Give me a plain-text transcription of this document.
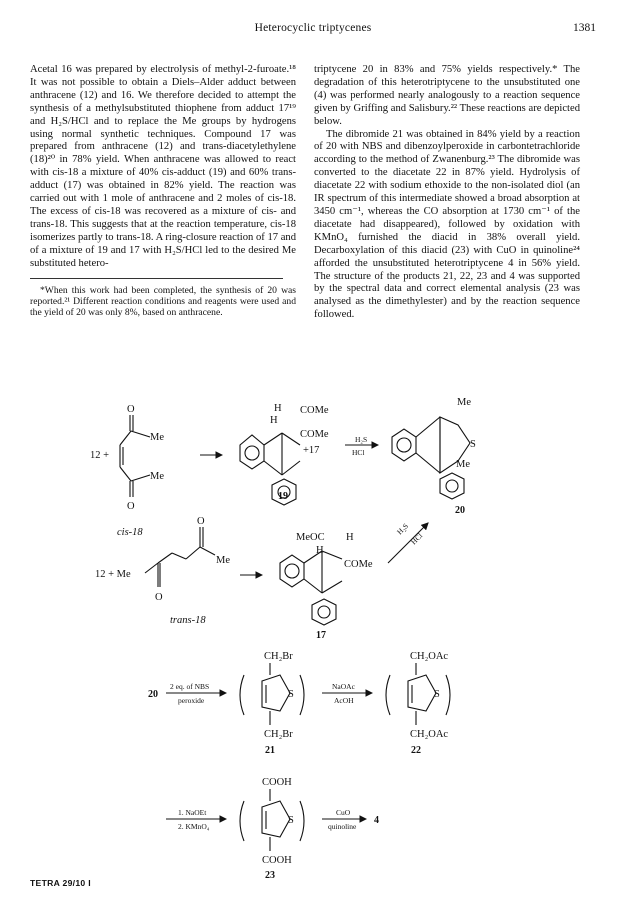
Heterocyclic triptycenes	1381

Acetal 16 was prepared by electrolysis of methyl-2-furoate.¹⁸ It was not possible to obtain a Diels–Alder adduct between anthracene (12) and 16. We therefore decided to attempt the synthesis of a methylsubstituted thiophene from adduct 17¹⁹ and H₂S/HCl and to replace the Me groups by hydrogens using normal synthetic techniques. Compound 17 was prepared from anthracene (12) and trans-diacetylethylene (18)²⁰ in 78% yield. When anthracene was allowed to react with cis-18 a mixture of 40% cis-adduct (19) and 60% trans-adduct (17) was obtained in 82% yield. The reaction was carried out with 1 mole of anthracene and 2 moles of cis-18. The excess of cis-18 was recovered as a mixture of cis- and trans-18. This suggests that at the reaction temperature, cis-18 isomerizes partly to trans-18. A ring-closure reaction of 17 and of a mixture of 19 and 17 with H₂S/HCl led to the desired Me substituted hetero-

*When this work had been completed, the synthesis of 20 was reported.²¹ Different reaction conditions and reagents were used and the yield of 20 was only 8%, based on anthracene.

triptycene 20 in 83% and 75% yields respectively.* The degradation of this heterotriptycene to the unsubstituted one (4) was performed nearly analogously to a reaction sequence given by Griffing and Salisbury.²² These reactions are depicted below.

The dibromide 21 was obtained in 84% yield by a reaction of 20 with NBS and dibenzoylperoxide in carbontetrachloride according to the method of Zwanenburg.²³ The dibromide was converted to the diacetate 22 in 87% yield. Hydrolysis of diacetate 22 with sodium ethoxide to the non-isolated diol (an IR spectrum of this intermediate showed a broad absorption at 3450 cm⁻¹, whereas the CO absorption at 1730 cm⁻¹ of the diacetate had disappeared), followed by oxidation with KMnO₄ furnished the diacid in 38% overall yield. Decarboxylation of this diacid (23) with CuO in quinoline²⁴ afforded the unsubstituted heterotriptycene 4 in 56% yield. The structure of the products 21, 22, 23 and 4 was supported by the spectral data and correct elemental analysis (23 was analysed as the dimethylester) and by the reaction sequence followed.

12 +
O
Me
Me
O
cis-18
H
H
COMe
COMe
+17
19
H₂S
HCl
Me
S
Me
20
12 + Me
O
O
Me
trans-18
MeOC H
H
COMe
17
H₂S
HCl
20
2 eq. of NBS
peroxide
CH₂Br
S
CH₂Br
21
NaOAc
AcOH
CH₂OAc
S
CH₂OAc
22
1. NaOEt
2. KMnO₄
COOH
S
COOH
23
CuO
quinoline
4
TETRA 29/10 I
